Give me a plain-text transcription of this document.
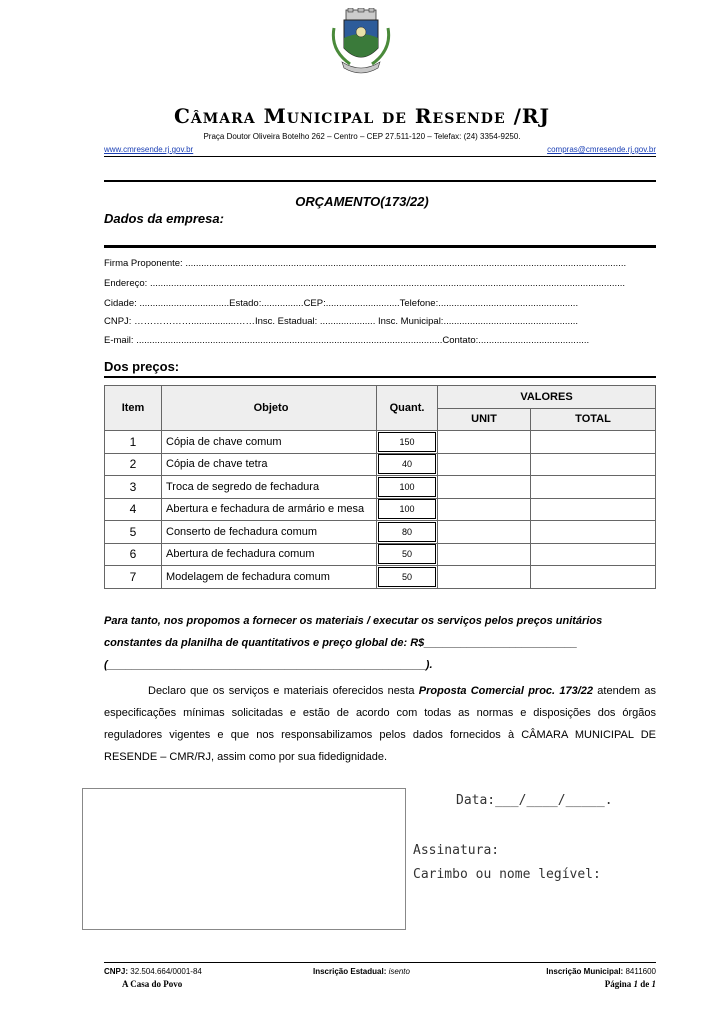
Câmara Municipal de Resende /RJ
Praça Doutor Oliveira Botelho 262 – Centro – CEP 27.511-120 – Telefax: (24) 3354-9250.
www.cmresende.rj.gov.br	compras@cmresende.rj.gov.br
ORÇAMENTO(173/22)
Dados da empresa:
Firma Proponente: .......................................................................................................................................................................
Endereço: ....................................................................................................................................................................................
Cidade: ..................................Estado:................CEP:............................Telefone:.....................................................
CNPJ: ……………….................……Insc. Estadual: ..................... Insc. Municipal:...................................................
E-mail: ....................................................................................................................Contato:..........................................
Dos preços:
Item	Objeto	Quant.	VALORES	
			UNIT	TOTAL
1	Cópia de chave comum	150		
2	Cópia de chave tetra	40		
3	Troca de segredo de fechadura	100		
4	Abertura e fechadura de armário e mesa	100		
5	Conserto de fechadura comum	80		
6	Abertura de fechadura comum	50		
7	Modelagem de fechadura comum	50		
Para tanto, nos propomos a fornecer os materiais / executar os serviços pelos preços unitários
constantes da planilha de quantitativos e preço global de: R$_________________________
(____________________________________________________).
Declaro que os serviços e materiais oferecidos nesta Proposta Comercial proc. 173/22 atendem as especificações mínimas solicitadas e estão de acordo com todas as normas e disposições dos órgãos reguladores vigentes e que nos responsabilizamos pelos dados fornecidos à CÂMARA MUNICIPAL DE RESENDE – CMR/RJ, assim como por sua fidedignidade.
Data:___/____/_____.
Assinatura:
Carimbo ou nome legível:
CNPJ: 32.504.664/0001-84	Inscrição Estadual: isento	Inscrição Municipal: 8411600
A Casa do Povo	Página 1 de 1
